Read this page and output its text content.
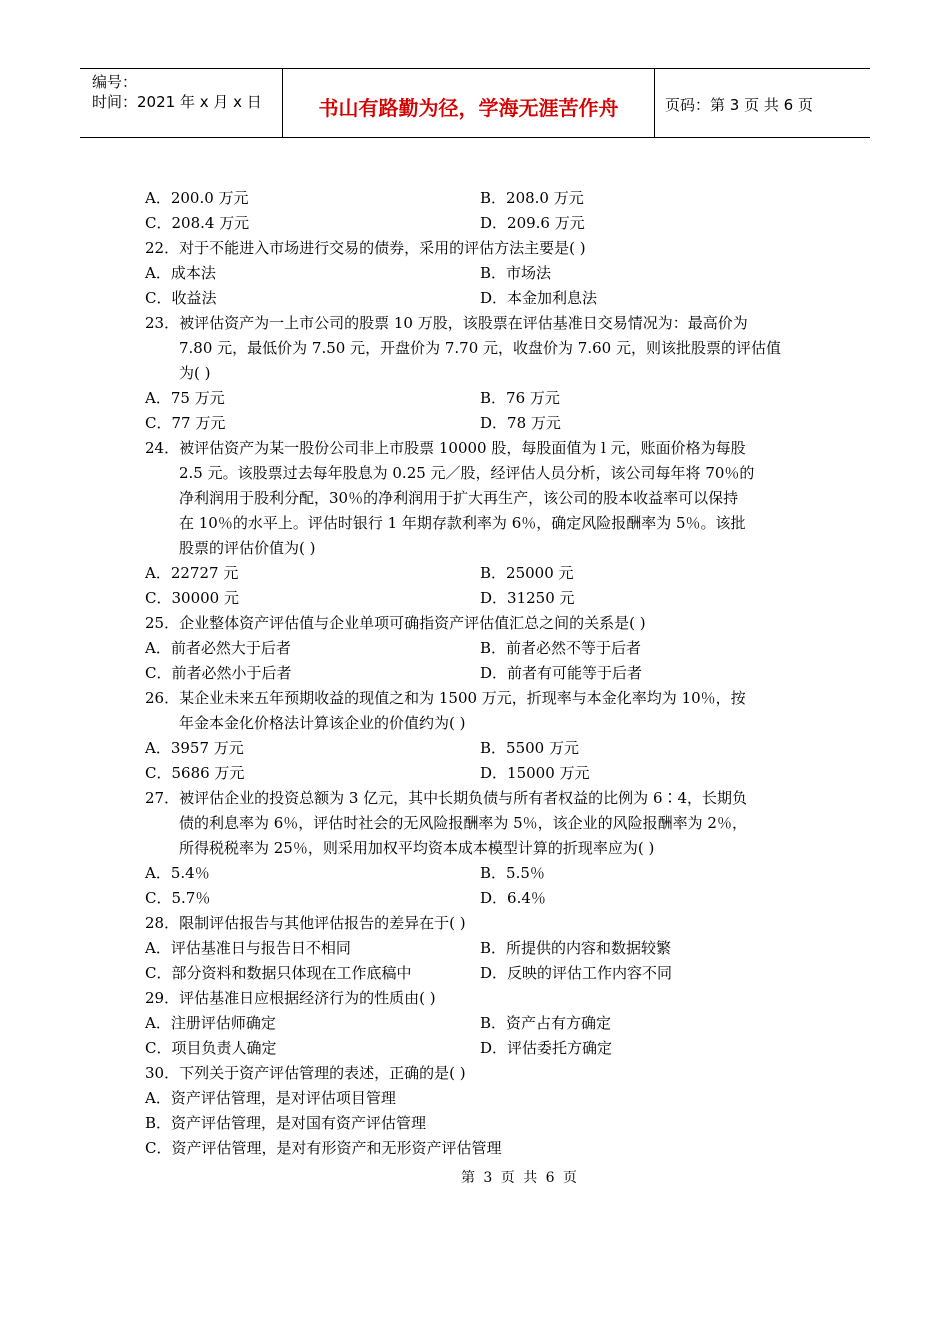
编号：
时间：2021 年 x 月 x 日	书山有路勤为径，学海无涯苦作舟	页码：第 3 页 共 6 页
A．200.0 万元	B．208.0 万元
C．208.4 万元	D．209.6 万元
22．对于不能进入市场进行交易的债券，采用的评估方法主要是( )
A．成本法	B．市场法
C．收益法	D．本金加利息法
23．被评估资产为一上市公司的股票 10 万股，该股票在评估基准日交易情况为：最高价为
7.80 元，最低价为 7.50 元，开盘价为 7.70 元，收盘价为 7.60 元，则该批股票的评估值
为( )
A．75 万元	B．76 万元
C．77 万元	D．78 万元
24．被评估资产为某一股份公司非上市股票 10000 股，每股面值为 l 元，账面价格为每股
2.5 元。该股票过去每年股息为 0.25 元／股，经评估人员分析，该公司每年将 70％的
净利润用于股利分配，30％的净利润用于扩大再生产，该公司的股本收益率可以保持
在 10％的水平上。评估时银行 1 年期存款利率为 6％，确定风险报酬率为 5％。该批
股票的评估价值为( )
A．22727 元	B．25000 元
C．30000 元	D．31250 元
25．企业整体资产评估值与企业单项可确指资产评估值汇总之间的关系是( )
A．前者必然大于后者	B．前者必然不等于后者
C．前者必然小于后者	D．前者有可能等于后者
26．某企业未来五年预期收益的现值之和为 1500 万元，折现率与本金化率均为 10％，按
年金本金化价格法计算该企业的价值约为( )
A．3957 万元	B．5500 万元
C．5686 万元	D．15000 万元
27．被评估企业的投资总额为 3 亿元，其中长期负债与所有者权益的比例为 6∶4，长期负
债的利息率为 6％，评估时社会的无风险报酬率为 5％，该企业的风险报酬率为 2％，
所得税税率为 25％，则采用加权平均资本成本模型计算的折现率应为( )
A．5.4％	B．5.5％
C．5.7％	D．6.4％
28．限制评估报告与其他评估报告的差异在于( )
A．评估基准日与报告日不相同	B．所提供的内容和数据较繁
C．部分资料和数据只体现在工作底稿中	D．反映的评估工作内容不同
29．评估基准日应根据经济行为的性质由( )
A．注册评估师确定	B．资产占有方确定
C．项目负责人确定	D．评估委托方确定
30．下列关于资产评估管理的表述，正确的是( )
A．资产评估管理，是对评估项目管理
B．资产评估管理，是对国有资产评估管理
C．资产评估管理，是对有形资产和无形资产评估管理
第 3 页 共 6 页
